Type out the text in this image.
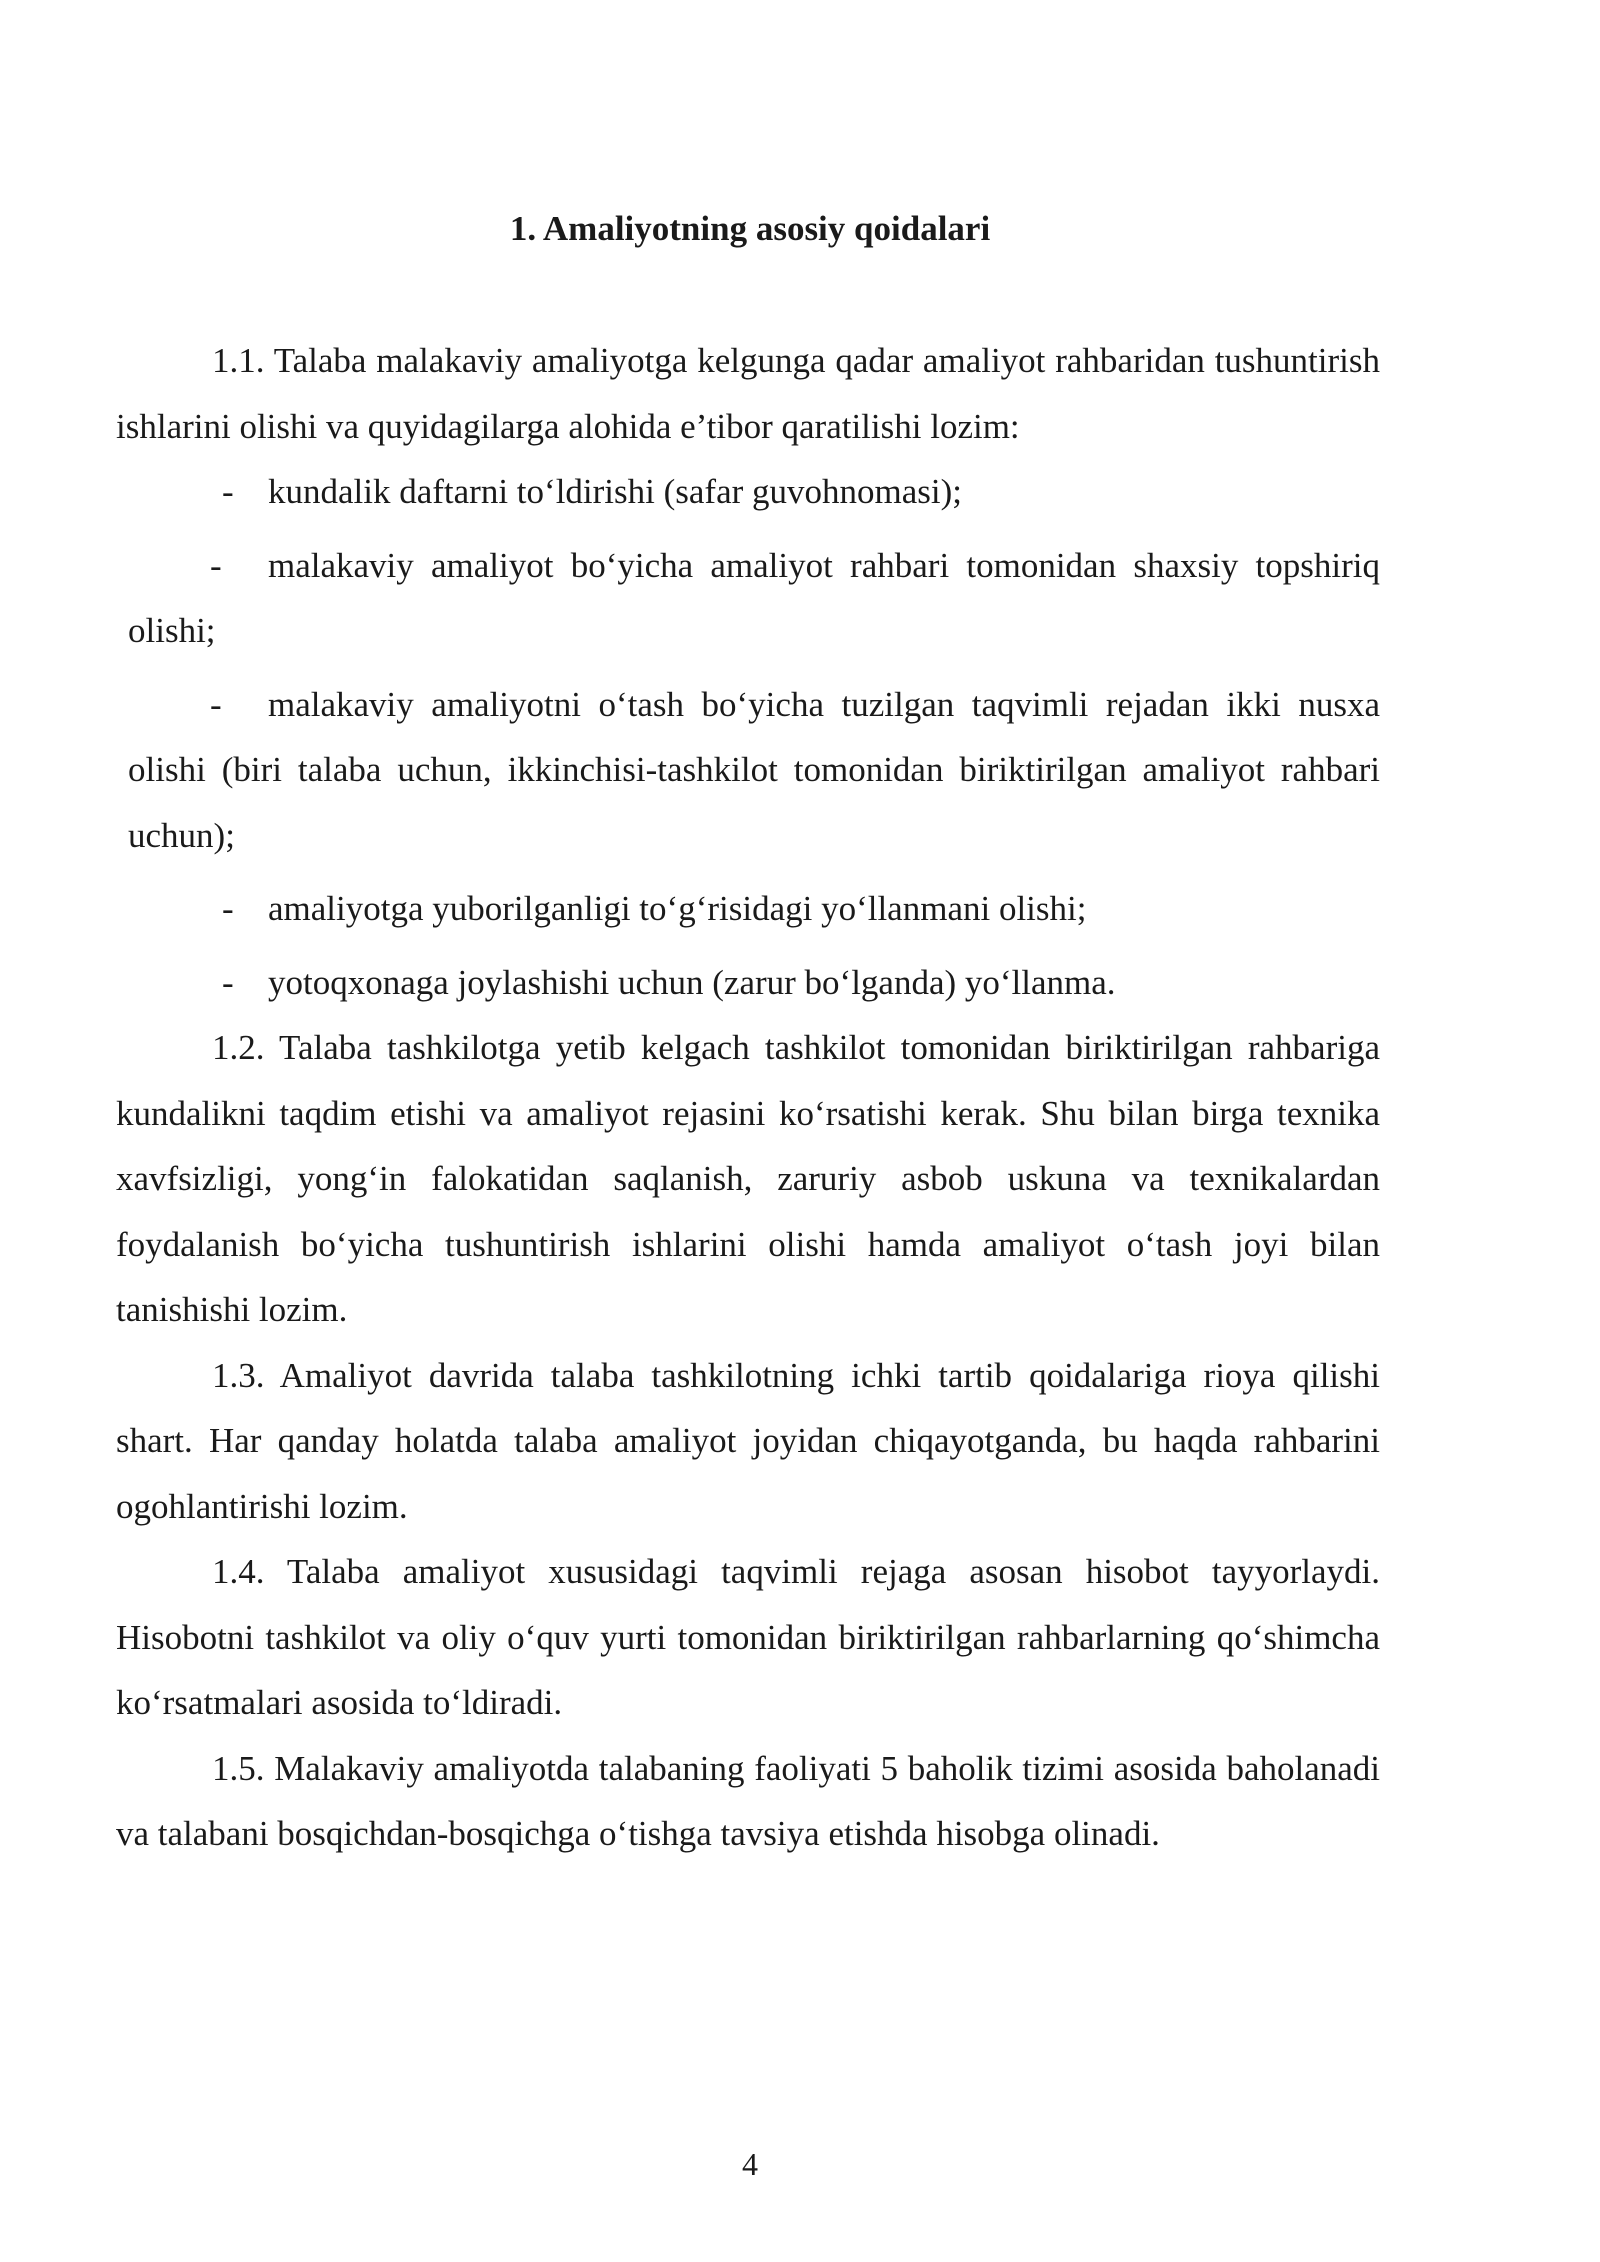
1. Amaliyotning asosiy qoidalari

1.1. Talaba malakaviy amaliyotga kelgunga qadar amaliyot rahbaridan tushuntirish ishlarini olishi va quyidagilarga alohida e’tibor qaratilishi lozim:

- kundalik daftarni to‘ldirishi (safar guvohnomasi);

- malakaviy amaliyot bo‘yicha amaliyot rahbari tomonidan shaxsiy topshiriq olishi;

- malakaviy amaliyotni o‘tash bo‘yicha tuzilgan taqvimli rejadan ikki nusxa olishi (biri talaba uchun, ikkinchisi-tashkilot tomonidan biriktirilgan amaliyot rahbari uchun);

- amaliyotga yuborilganligi to‘g‘risidagi yo‘llanmani olishi;

- yotoqxonaga joylashishi uchun (zarur bo‘lganda) yo‘llanma.

1.2. Talaba tashkilotga yetib kelgach tashkilot tomonidan biriktirilgan rahbariga kundalikni taqdim etishi va amaliyot rejasini ko‘rsatishi kerak. Shu bilan birga texnika xavfsizligi, yong‘in falokatidan saqlanish, zaruriy asbob uskuna va texnikalardan foydalanish bo‘yicha tushuntirish ishlarini olishi hamda amaliyot o‘tash joyi bilan tanishishi lozim.

1.3. Amaliyot davrida talaba tashkilotning ichki tartib qoidalariga rioya qilishi shart. Har qanday holatda talaba amaliyot joyidan chiqayotganda, bu haqda rahbarini ogohlantirishi lozim.

1.4. Talaba amaliyot xususidagi taqvimli rejaga asosan hisobot tayyorlaydi. Hisobotni tashkilot va oliy o‘quv yurti tomonidan biriktirilgan rahbarlarning qo‘shimcha ko‘rsatmalari asosida to‘ldiradi.

1.5. Malakaviy amaliyotda talabaning faoliyati 5 baholik tizimi asosida baholanadi va talabani bosqichdan-bosqichga o‘tishga tavsiya etishda hisobga olinadi.

4
